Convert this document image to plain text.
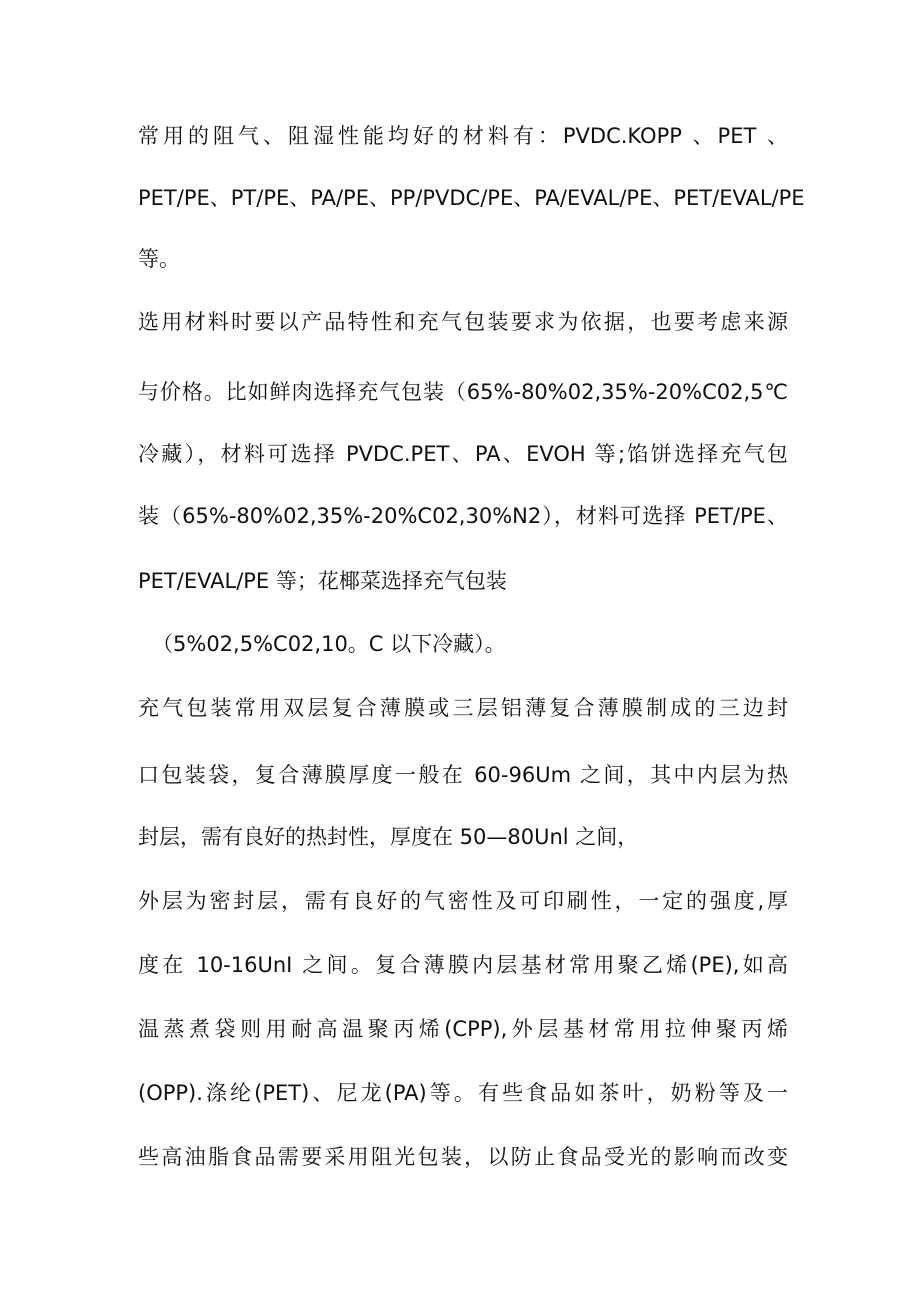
常用的阻气、阻湿性能均好的材料有：PVDC.KOPP 、PET 、
PET/PE、PT/PE、PA/PE、PP/PVDC/PE、PA/EVAL/PE、PET/EVAL/PE
等。
选用材料时要以产品特性和充气包装要求为依据，也要考虑来源
与价格。比如鲜肉选择充气包装（65%-80%02,35%-20%C02,5℃
冷藏），材料可选择 PVDC.PET、PA、EVOH 等;馅饼选择充气包
装（65%-80%02,35%-20%C02,30%N2），材料可选择 PET/PE、
PET/EVAL/PE 等；花椰菜选择充气包装
（5%02,5%C02,10。C 以下冷藏）。
充气包装常用双层复合薄膜或三层铝薄复合薄膜制成的三边封
口包装袋，复合薄膜厚度一般在 60-96Um 之间，其中内层为热
封层，需有良好的热封性，厚度在 50—80Unl 之间，
外层为密封层，需有良好的气密性及可印刷性，一定的强度,厚
度在 10-16UnI 之间。复合薄膜内层基材常用聚乙烯(PE),如高
温蒸煮袋则用耐高温聚丙烯(CPP),外层基材常用拉伸聚丙烯
(OPP).涤纶(PET)、尼龙(PA)等。有些食品如茶叶，奶粉等及一
些高油脂食品需要采用阻光包装，以防止食品受光的影响而改变
